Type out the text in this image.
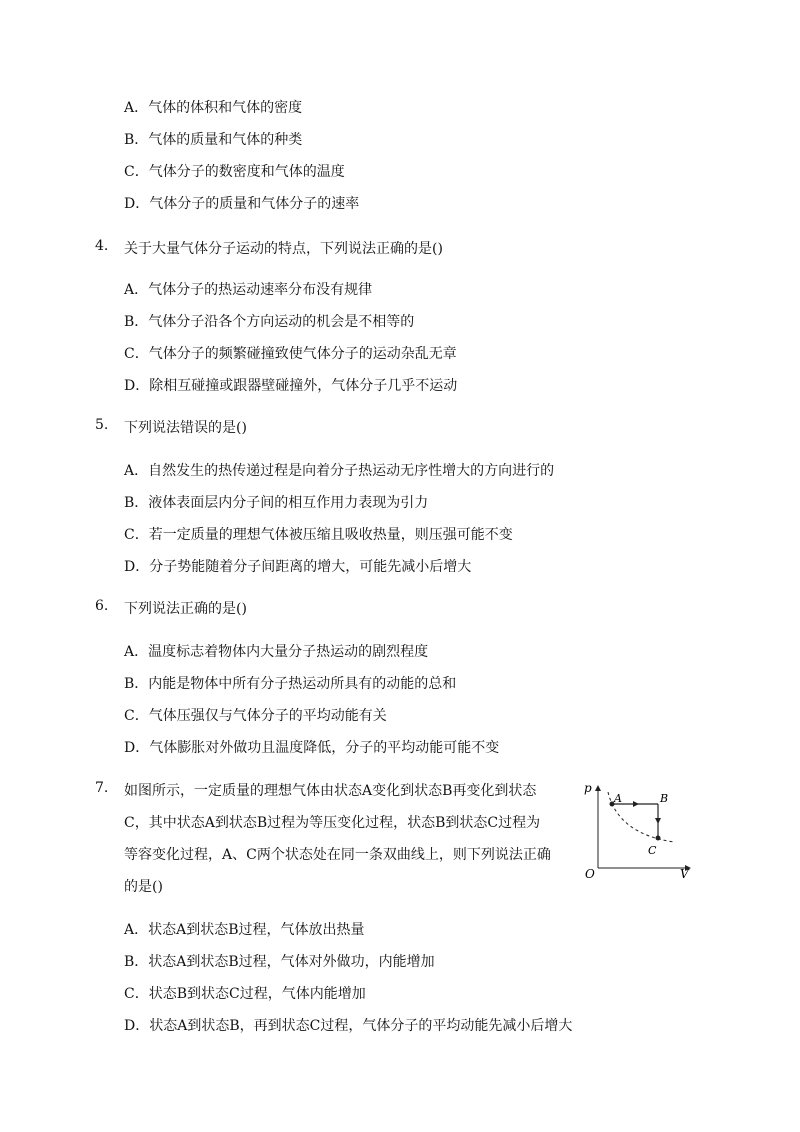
A．气体的体积和气体的密度
B．气体的质量和气体的种类
C．气体分子的数密度和气体的温度
D．气体分子的质量和气体分子的速率
4. 关于大量气体分子运动的特点，下列说法正确的是()
A．气体分子的热运动速率分布没有规律
B．气体分子沿各个方向运动的机会是不相等的
C．气体分子的频繁碰撞致使气体分子的运动杂乱无章
D．除相互碰撞或跟器壁碰撞外，气体分子几乎不运动
5. 下列说法错误的是()
A．自然发生的热传递过程是向着分子热运动无序性增大的方向进行的
B．液体表面层内分子间的相互作用力表现为引力
C．若一定质量的理想气体被压缩且吸收热量，则压强可能不变
D．分子势能随着分子间距离的增大，可能先减小后增大
6. 下列说法正确的是()
A．温度标志着物体内大量分子热运动的剧烈程度
B．内能是物体中所有分子热运动所具有的动能的总和
C．气体压强仅与气体分子的平均动能有关
D．气体膨胀对外做功且温度降低，分子的平均动能可能不变
7. 如图所示，一定质量的理想气体由状态A变化到状态B再变化到状态
C，其中状态A到状态B过程为等压变化过程，状态B到状态C过程为
等容变化过程，A、C两个状态处在同一条双曲线上，则下列说法正确
的是()
p
V
O
A	B
C
A．状态A到状态B过程，气体放出热量
B．状态A到状态B过程，气体对外做功，内能增加
C．状态B到状态C过程，气体内能增加
D．状态A到状态B，再到状态C过程，气体分子的平均动能先减小后增大
